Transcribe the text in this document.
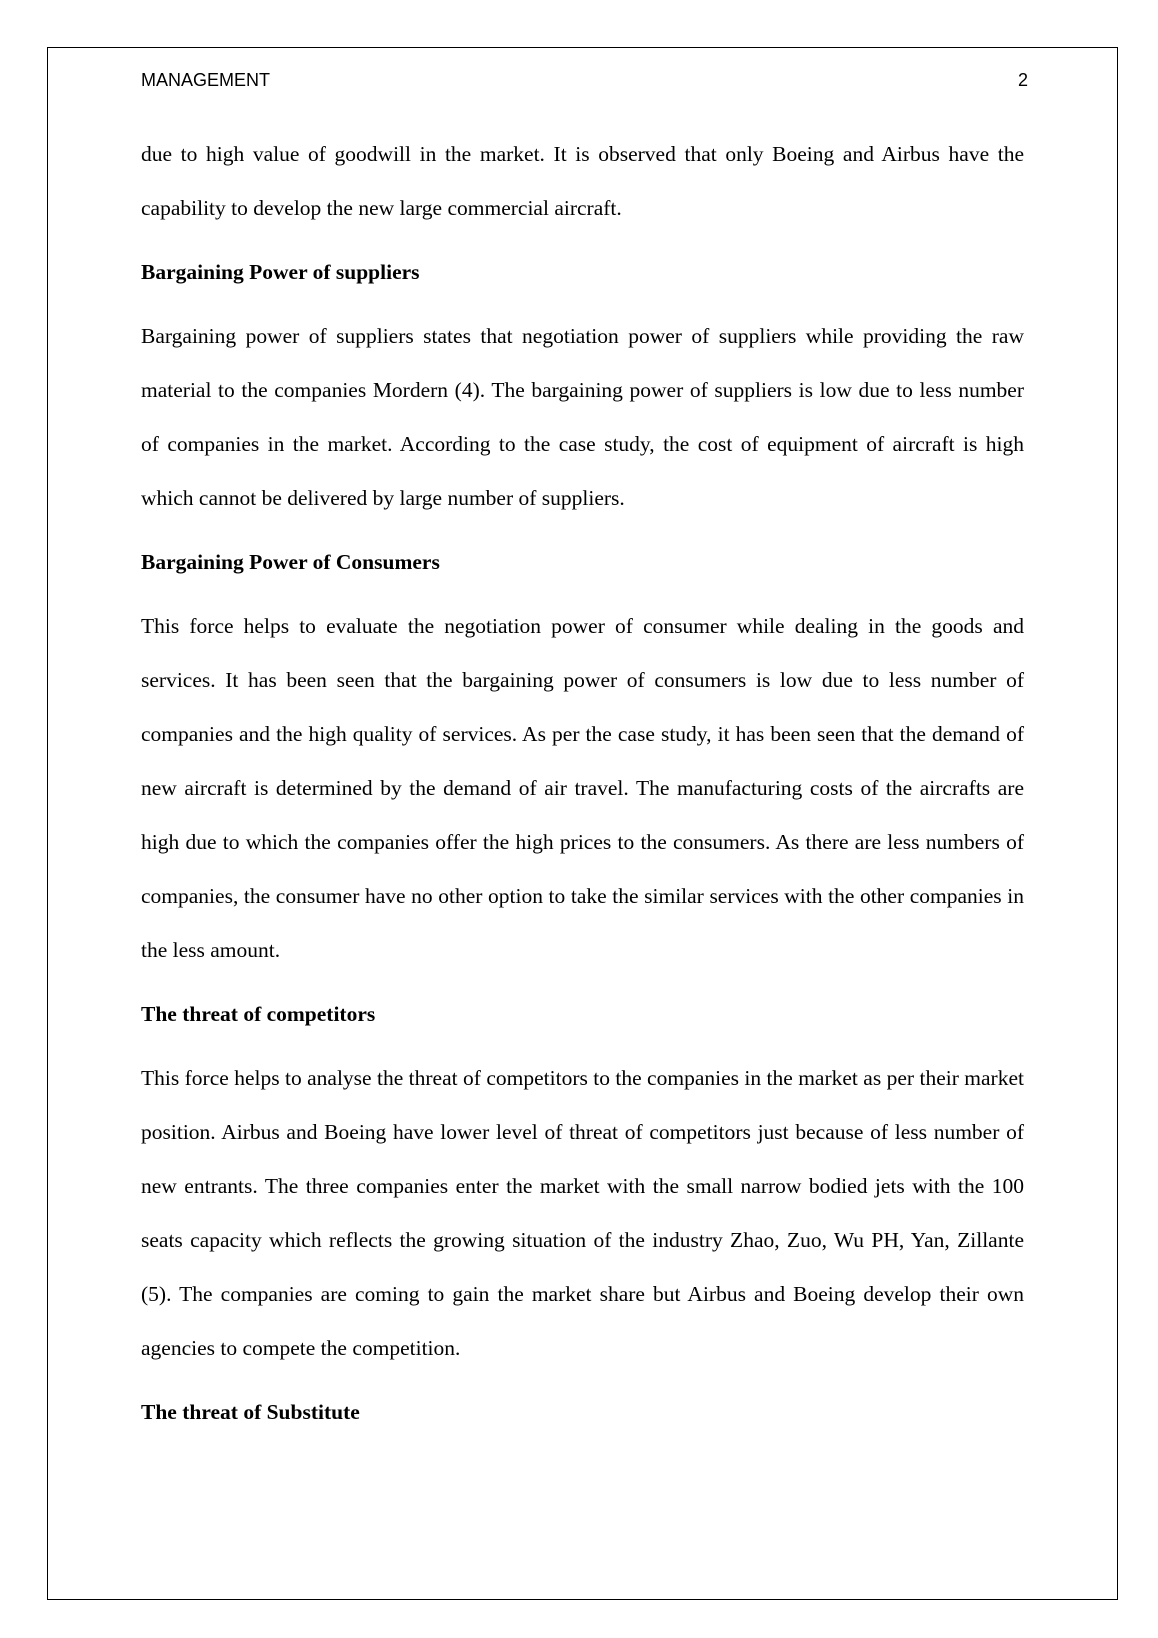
MANAGEMENT	2

due to high value of goodwill in the market. It is observed that only Boeing and Airbus have the capability to develop the new large commercial aircraft.

Bargaining Power of suppliers

Bargaining power of suppliers states that negotiation power of suppliers while providing the raw material to the companies Mordern (4). The bargaining power of suppliers is low due to less number of companies in the market. According to the case study, the cost of equipment of aircraft is high which cannot be delivered by large number of suppliers.

Bargaining Power of Consumers

This force helps to evaluate the negotiation power of consumer while dealing in the goods and services. It has been seen that the bargaining power of consumers is low due to less number of companies and the high quality of services. As per the case study, it has been seen that the demand of new aircraft is determined by the demand of air travel. The manufacturing costs of the aircrafts are high due to which the companies offer the high prices to the consumers. As there are less numbers of companies, the consumer have no other option to take the similar services with the other companies in the less amount.

The threat of competitors

This force helps to analyse the threat of competitors to the companies in the market as per their market position. Airbus and Boeing have lower level of threat of competitors just because of less number of new entrants. The three companies enter the market with the small narrow bodied jets with the 100 seats capacity which reflects the growing situation of the industry Zhao, Zuo, Wu PH, Yan, Zillante (5). The companies are coming to gain the market share but Airbus and Boeing develop their own agencies to compete the competition.

The threat of Substitute
